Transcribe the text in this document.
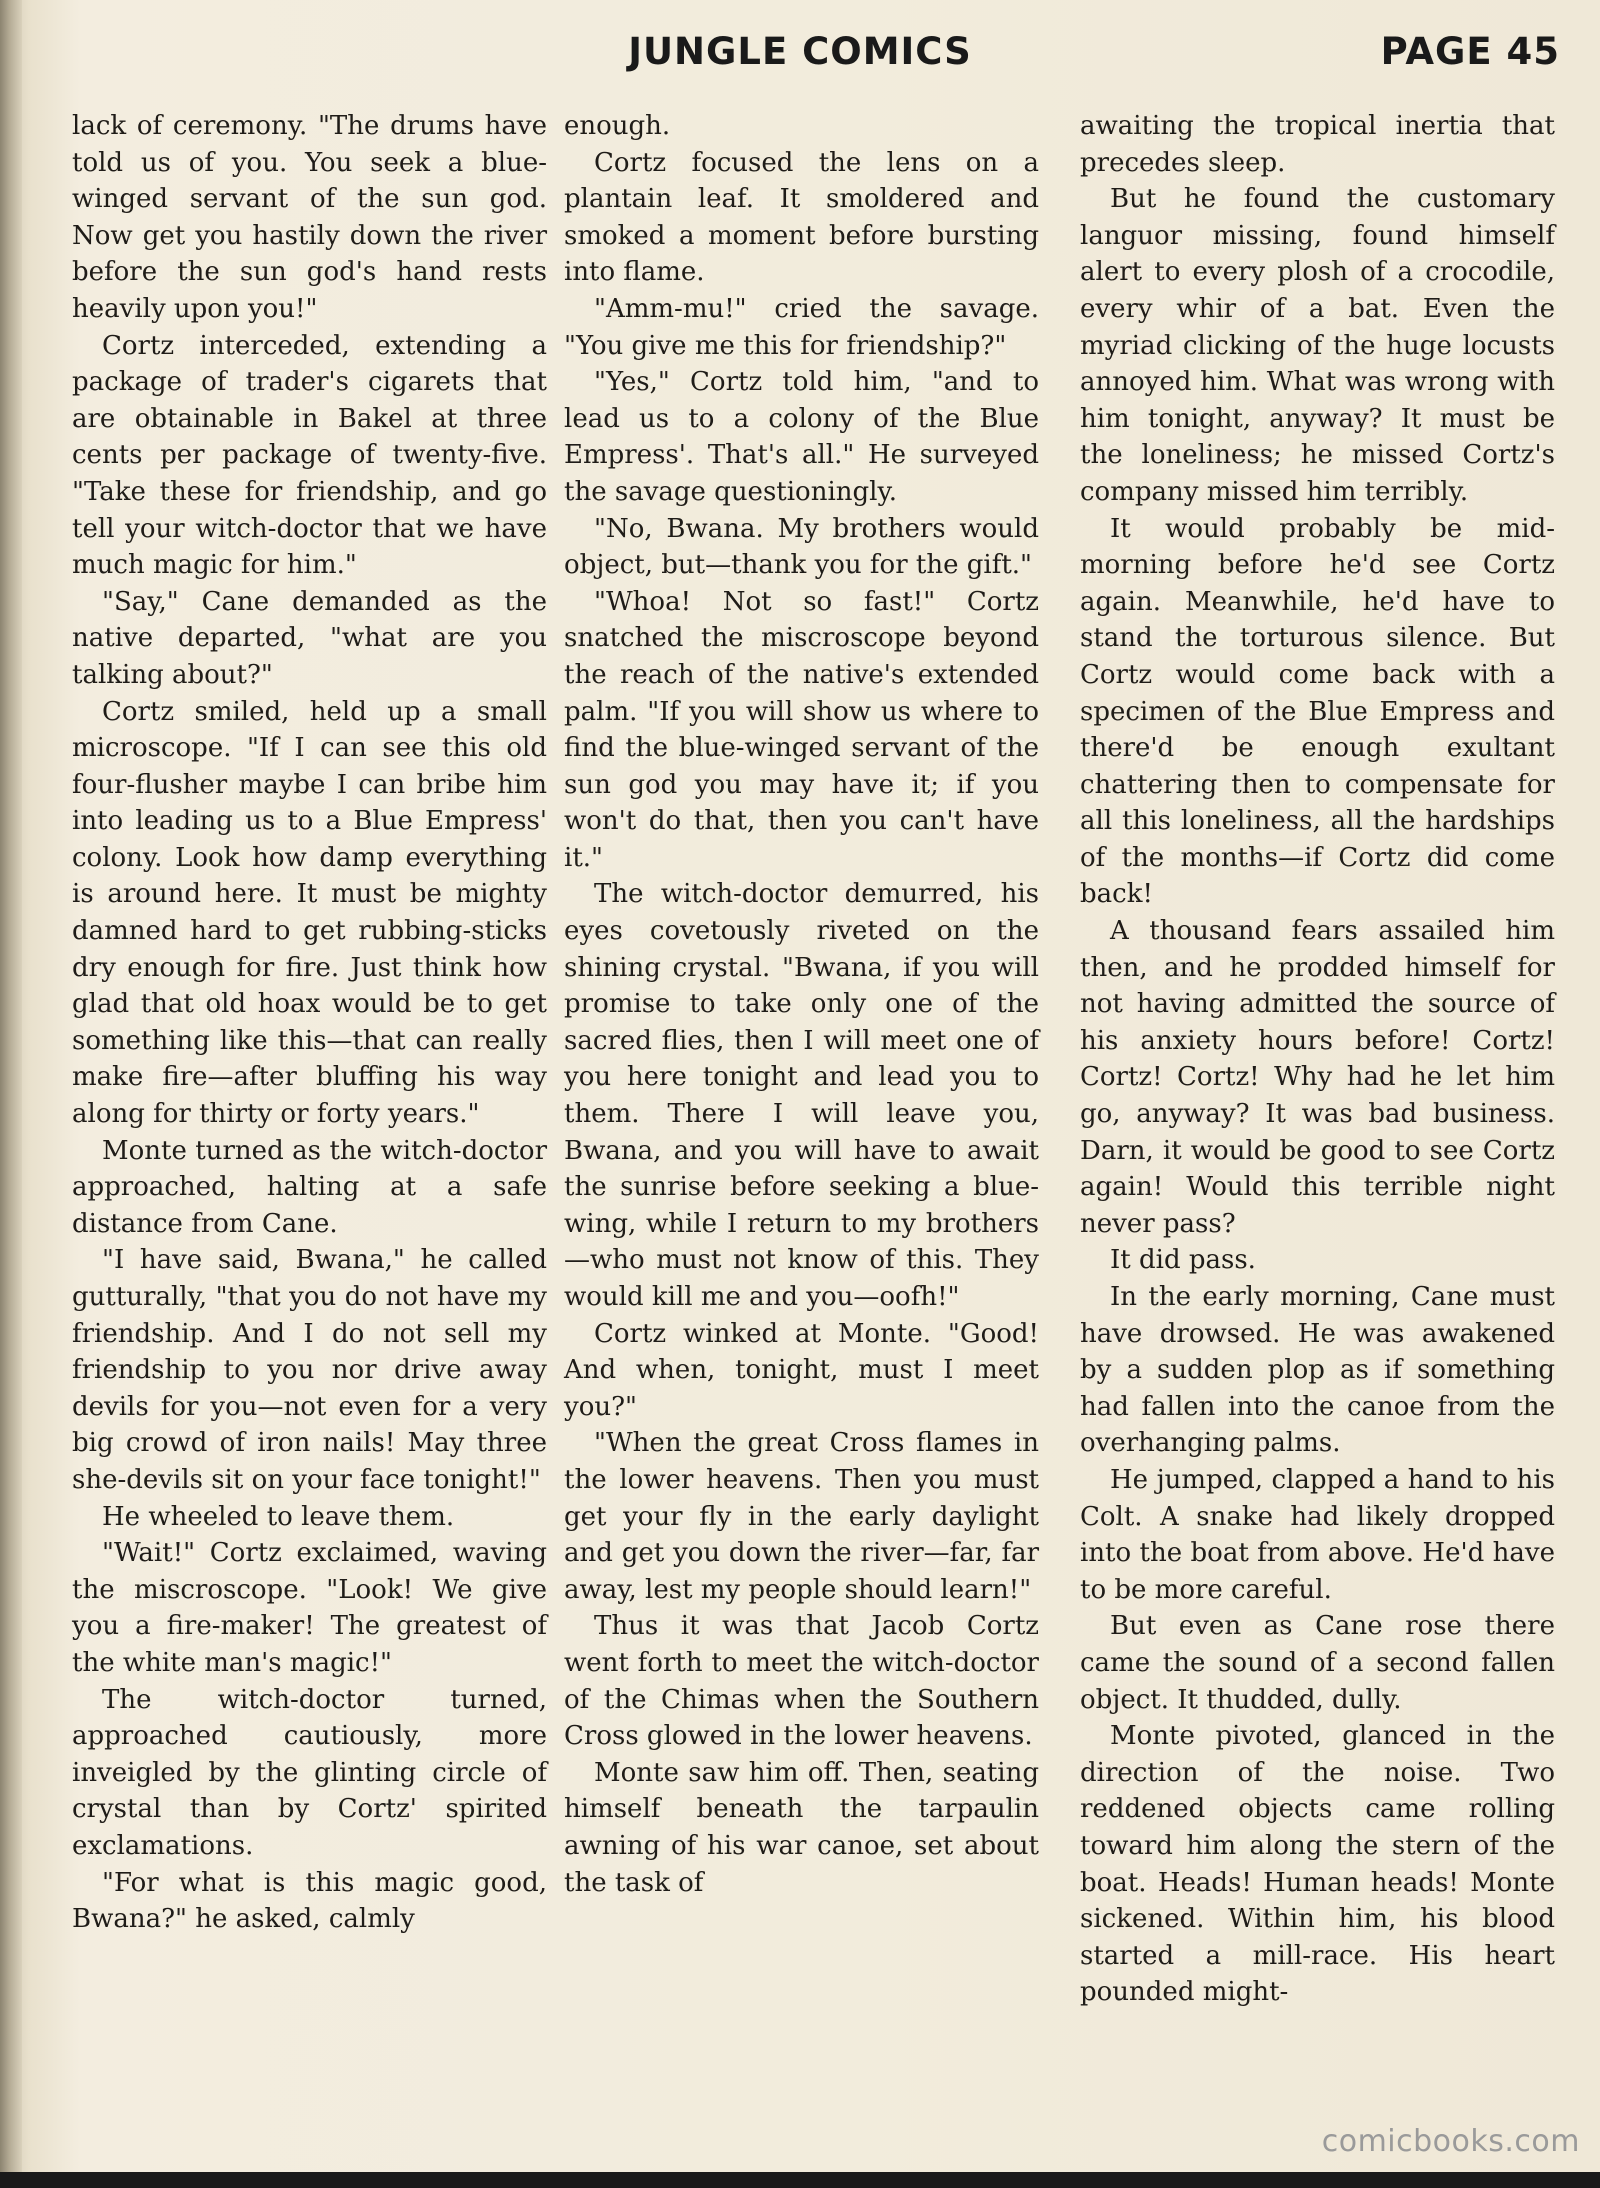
JUNGLE COMICS	PAGE 45

lack of ceremony. "The drums have told us of you. You seek a blue-winged servant of the sun god. Now get you hastily down the river before the sun god's hand rests heavily upon you!"

Cortz interceded, extending a package of trader's cigarets that are obtainable in Bakel at three cents per package of twenty-five. "Take these for friendship, and go tell your witch-doctor that we have much magic for him."

"Say," Cane demanded as the native departed, "what are you talking about?"

Cortz smiled, held up a small microscope. "If I can see this old four-flusher maybe I can bribe him into leading us to a Blue Empress' colony. Look how damp everything is around here. It must be mighty damned hard to get rubbing-sticks dry enough for fire. Just think how glad that old hoax would be to get something like this—that can really make fire—after bluffing his way along for thirty or forty years."

Monte turned as the witch-doctor approached, halting at a safe distance from Cane.

"I have said, Bwana," he called gutturally, "that you do not have my friendship. And I do not sell my friendship to you nor drive away devils for you—not even for a very big crowd of iron nails! May three she-devils sit on your face tonight!"

He wheeled to leave them.

"Wait!" Cortz exclaimed, waving the miscroscope. "Look! We give you a fire-maker! The greatest of the white man's magic!"

The witch-doctor turned, approached cautiously, more inveigled by the glinting circle of crystal than by Cortz' spirited exclamations.

"For what is this magic good, Bwana?" he asked, calmly

enough.

Cortz focused the lens on a plantain leaf. It smoldered and smoked a moment before bursting into flame.

"Amm-mu!" cried the savage. "You give me this for friendship?"

"Yes," Cortz told him, "and to lead us to a colony of the Blue Empress'. That's all." He surveyed the savage questioningly.

"No, Bwana. My brothers would object, but—thank you for the gift."

"Whoa! Not so fast!" Cortz snatched the miscroscope beyond the reach of the native's extended palm. "If you will show us where to find the blue-winged servant of the sun god you may have it; if you won't do that, then you can't have it."

The witch-doctor demurred, his eyes covetously riveted on the shining crystal. "Bwana, if you will promise to take only one of the sacred flies, then I will meet one of you here tonight and lead you to them. There I will leave you, Bwana, and you will have to await the sunrise before seeking a blue-wing, while I return to my brothers—who must not know of this. They would kill me and you—oofh!"

Cortz winked at Monte. "Good! And when, tonight, must I meet you?"

"When the great Cross flames in the lower heavens. Then you must get your fly in the early daylight and get you down the river—far, far away, lest my people should learn!"

Thus it was that Jacob Cortz went forth to meet the witch-doctor of the Chimas when the Southern Cross glowed in the lower heavens.

Monte saw him off. Then, seating himself beneath the tarpaulin awning of his war canoe, set about the task of

awaiting the tropical inertia that precedes sleep.

But he found the customary languor missing, found himself alert to every plosh of a crocodile, every whir of a bat. Even the myriad clicking of the huge locusts annoyed him. What was wrong with him tonight, anyway? It must be the loneliness; he missed Cortz's company missed him terribly.

It would probably be mid-morning before he'd see Cortz again. Meanwhile, he'd have to stand the torturous silence. But Cortz would come back with a specimen of the Blue Empress and there'd be enough exultant chattering then to compensate for all this loneliness, all the hardships of the months—if Cortz did come back!

A thousand fears assailed him then, and he prodded himself for not having admitted the source of his anxiety hours before! Cortz! Cortz! Cortz! Why had he let him go, anyway? It was bad business. Darn, it would be good to see Cortz again! Would this terrible night never pass?

It did pass.

In the early morning, Cane must have drowsed. He was awakened by a sudden plop as if something had fallen into the canoe from the overhanging palms.

He jumped, clapped a hand to his Colt. A snake had likely dropped into the boat from above. He'd have to be more careful.

But even as Cane rose there came the sound of a second fallen object. It thudded, dully.

Monte pivoted, glanced in the direction of the noise. Two reddened objects came rolling toward him along the stern of the boat. Heads! Human heads! Monte sickened. Within him, his blood started a mill-race. His heart pounded might-

comicbooks.com
